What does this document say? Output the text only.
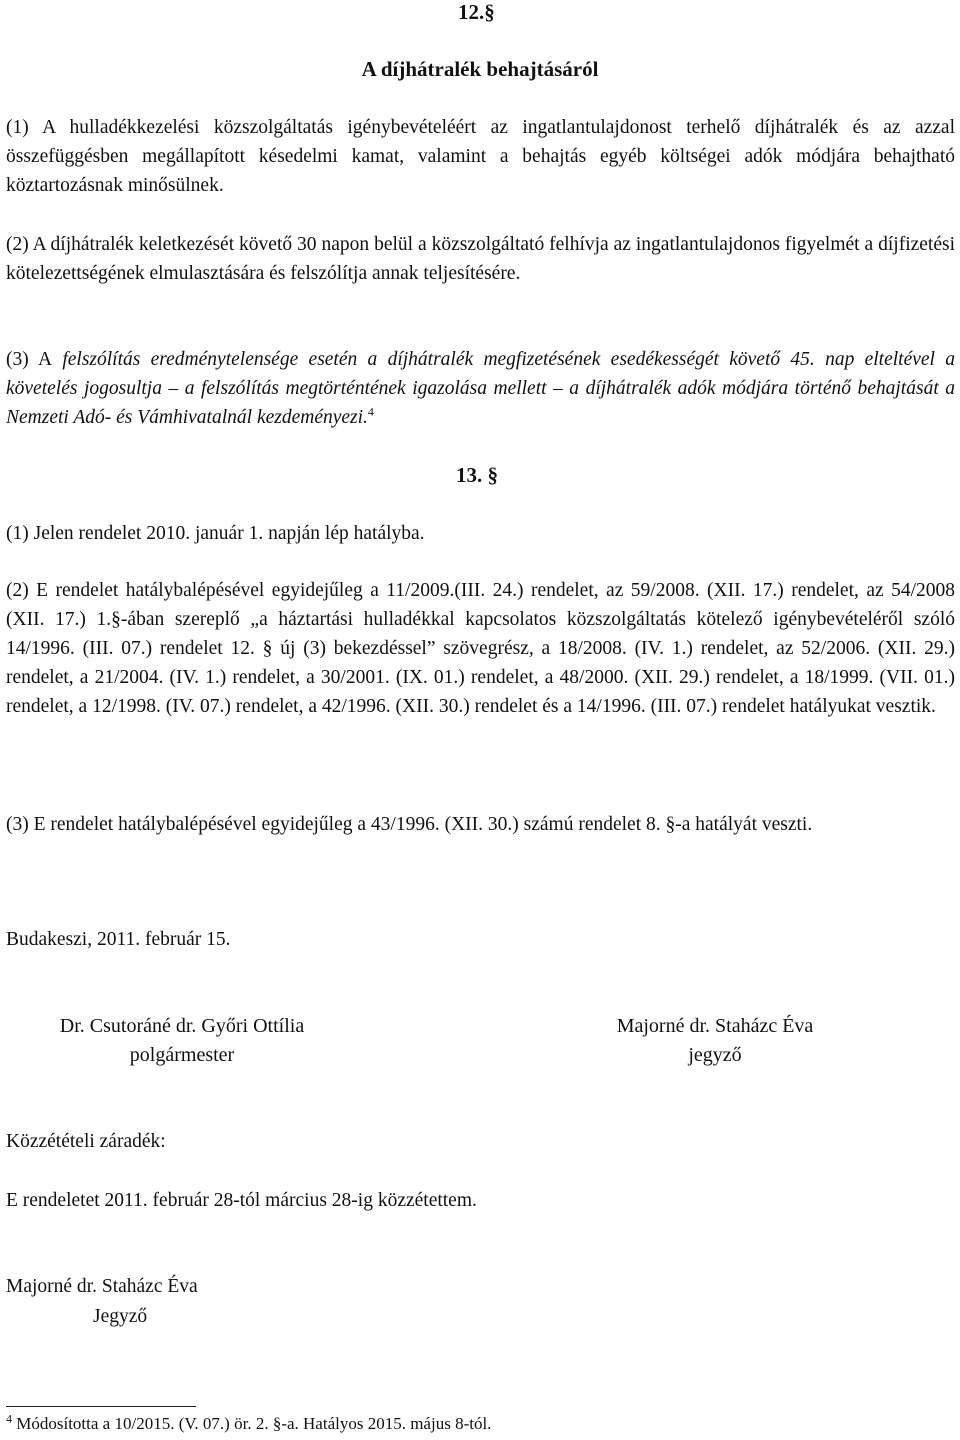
12.§
A díjhátralék behajtásáról
(1) A hulladékkezelési közszolgáltatás igénybevételéért az ingatlantulajdonost terhelő díjhátralék és az azzal összefüggésben megállapított késedelmi kamat, valamint a behajtás egyéb költségei adók módjára behajtható köztartozásnak minősülnek.
(2) A díjhátralék keletkezését követő 30 napon belül a közszolgáltató felhívja az ingatlantulajdonos figyelmét a díjfizetési kötelezettségének elmulasztására és felszólítja annak teljesítésére.
(3) A felszólítás eredménytelensége esetén a díjhátralék megfizetésének esedékességét követő 45. nap elteltével a követelés jogosultja – a felszólítás megtörténtének igazolása mellett – a díjhátralék adók módjára történő behajtását a Nemzeti Adó- és Vámhivatalnál kezdeményezi.$^4$
13. §
(1) Jelen rendelet 2010. január 1. napján lép hatályba.
(2) E rendelet hatálybalépésével egyidejűleg a 11/2009.(III. 24.) rendelet, az 59/2008. (XII. 17.) rendelet, az 54/2008 (XII. 17.) 1.§-ában szereplő „a háztartási hulladékkal kapcsolatos közszolgáltatás kötelező igénybevételéről szóló 14/1996. (III. 07.) rendelet 12. § új (3) bekezdéssel” szövegrész, a 18/2008. (IV. 1.) rendelet, az 52/2006. (XII. 29.) rendelet, a 21/2004. (IV. 1.) rendelet, a 30/2001. (IX. 01.) rendelet, a 48/2000. (XII. 29.) rendelet, a 18/1999. (VII. 01.) rendelet, a 12/1998. (IV. 07.) rendelet, a 42/1996. (XII. 30.) rendelet és a 14/1996. (III. 07.) rendelet hatályukat vesztik.
(3) E rendelet hatálybalépésével egyidejűleg a 43/1996. (XII. 30.) számú rendelet 8. §-a hatályát veszti.
Budakeszi, 2011. február 15.
Dr. Csutoráné dr. Győri Ottília
polgármester
Majorné dr. Staházc Éva
jegyző
Közzétételi záradék:
E rendeletet 2011. február 28-tól március 28-ig közzétettem.
Majorné dr. Staházc Éva
Jegyző
$^4$ Módosította a 10/2015. (V. 07.) ör. 2. §-a. Hatályos 2015. május 8-tól.
